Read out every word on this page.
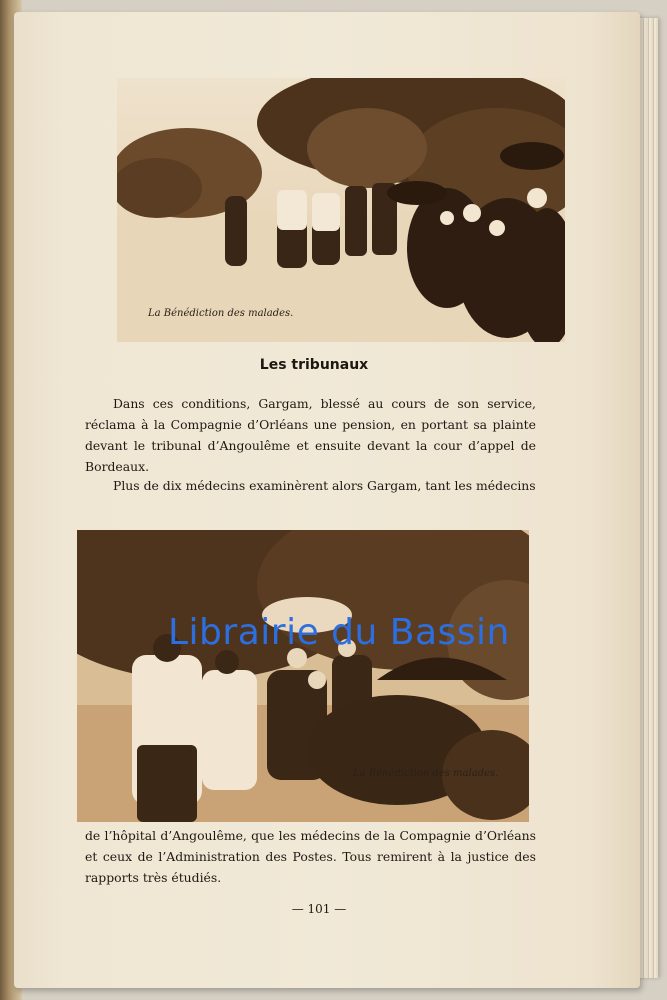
La Bénédiction des malades.
Les tribunaux
Dans ces conditions, Gargam, blessé au cours de son service,
réclama à la Compagnie d’Orléans une pension, en portant sa plainte
devant le tribunal d’Angoulême et ensuite devant la cour d’appel de
Bordeaux.
Plus de dix médecins examinèrent alors Gargam, tant les médecins
La Bénédiction des malades.
de l’hôpital d’Angoulême, que les médecins de la Compagnie d’Orléans
et ceux de l’Administration des Postes. Tous remirent à la justice des
rapports très étudiés.
— 101 —
Librairie du Bassin
